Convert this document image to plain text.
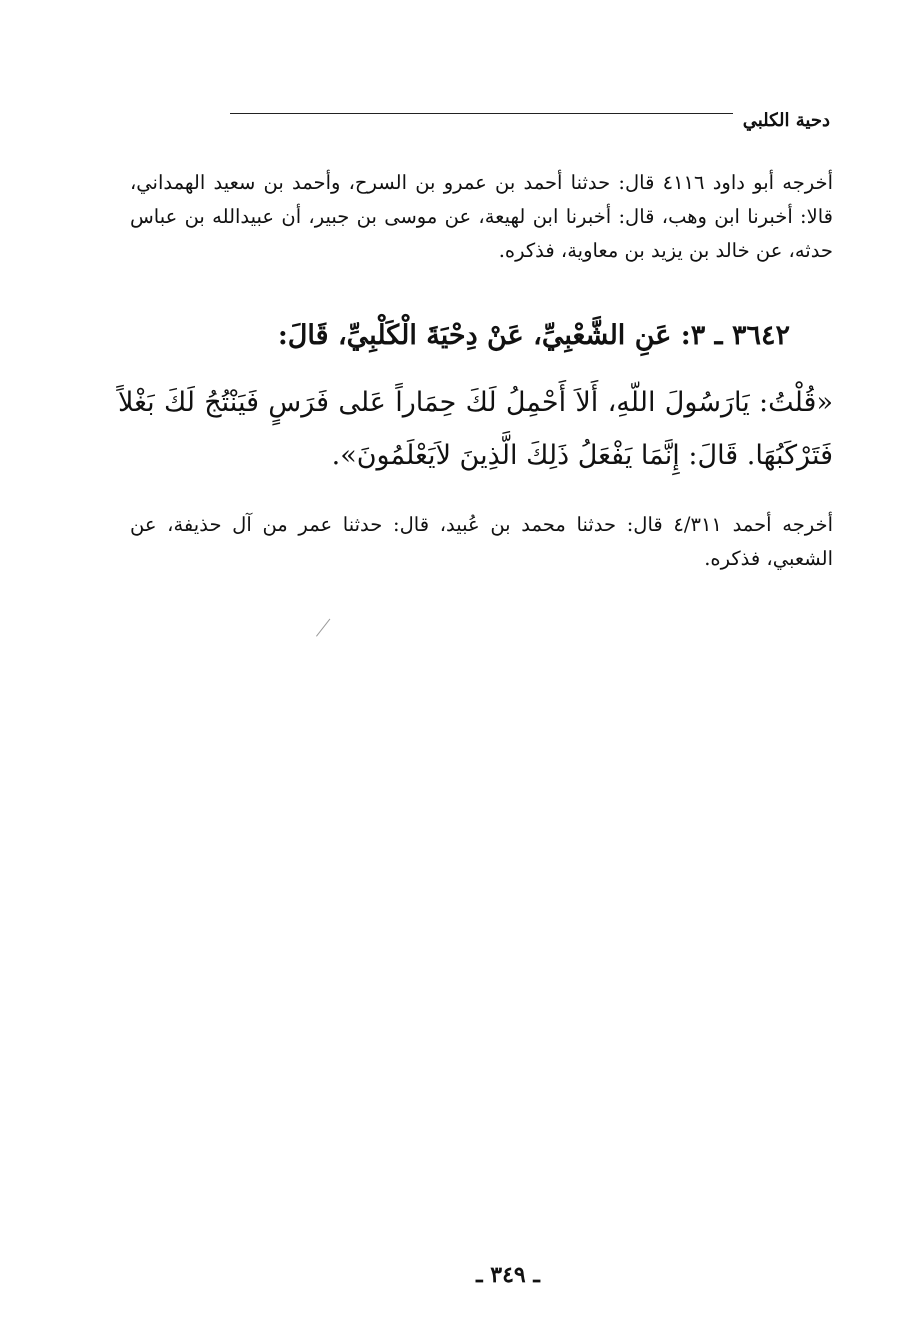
دحية الكلبي

أخرجه أبو داود ٤١١٦ قال: حدثنا أحمد بن عمرو بن السرح، وأحمد بن سعيد الهمداني، قالا: أخبرنا ابن وهب، قال: أخبرنا ابن لهيعة، عن موسى بن جبير، أن عبيدالله بن عباس حدثه، عن خالد بن يزيد بن معاوية، فذكره.

٣٦٤٢ ـ ٣: عَنِ الشَّعْبِيِّ، عَنْ دِحْيَةَ الْكَلْبِيِّ، قَالَ:

«قُلْتُ: يَارَسُولَ اللّهِ، أَلاَ أَحْمِلُ لَكَ حِمَاراً عَلى فَرَسٍ فَيَنْتُجُ لَكَ بَغْلاً فَتَرْكَبُهَا. قَالَ: إِنَّمَا يَفْعَلُ ذَلِكَ الَّذِينَ لاَيَعْلَمُونَ».

أخرجه أحمد ٤/٣١١ قال: حدثنا محمد بن عُبيد، قال: حدثنا عمر من آل حذيفة، عن الشعبي، فذكره.

ـ ٣٤٩ ـ
